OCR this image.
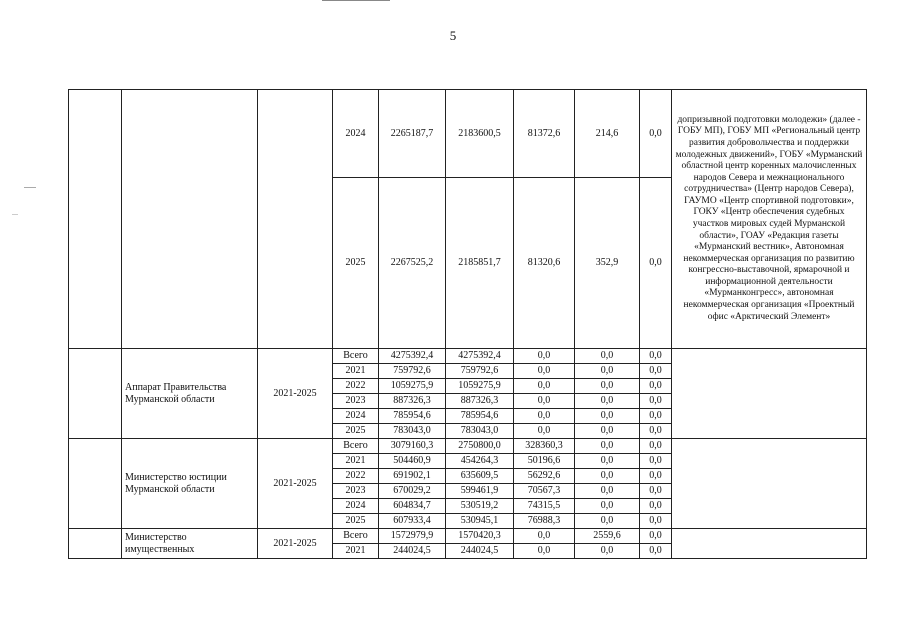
5
			2024	2265187,7	2183600,5	81372,6	214,6	0,0	допризывной подготовки молодежи» (далее - ГОБУ МП), ГОБУ МП «Региональный центр развития добровольчества и поддержки молодежных движений», ГОБУ «Мурманский областной центр коренных малочисленных народов Севера и межнационального сотрудничества» (Центр народов Севера), ГАУМО «Центр спортивной подготовки», ГОКУ «Центр обеспечения судебных участков мировых судей Мурманской области», ГОАУ «Редакция газеты «Мурманский вестник», Автономная некоммерческая организация по развитию конгрессно-выставочной, ярмарочной и информационной деятельности «Мурманконгресс», автономная некоммерческая организация «Проектный офис «Арктический Элемент»
			2025	2267525,2	2185851,7	81320,6	352,9	0,0	
	Аппарат Правительства Мурманской области	2021-2025	Всего	4275392,4	4275392,4	0,0	0,0	0,0	
			2021	759792,6	759792,6	0,0	0,0	0,0	
			2022	1059275,9	1059275,9	0,0	0,0	0,0	
			2023	887326,3	887326,3	0,0	0,0	0,0	
			2024	785954,6	785954,6	0,0	0,0	0,0	
			2025	783043,0	783043,0	0,0	0,0	0,0	
	Министерство юстиции Мурманской области	2021-2025	Всего	3079160,3	2750800,0	328360,3	0,0	0,0	
			2021	504460,9	454264,3	50196,6	0,0	0,0	
			2022	691902,1	635609,5	56292,6	0,0	0,0	
			2023	670029,2	599461,9	70567,3	0,0	0,0	
			2024	604834,7	530519,2	74315,5	0,0	0,0	
			2025	607933,4	530945,1	76988,3	0,0	0,0	
	Министерство имущественных	2021-2025	Всего	1572979,9	1570420,3	0,0	2559,6	0,0	
			2021	244024,5	244024,5	0,0	0,0	0,0	
